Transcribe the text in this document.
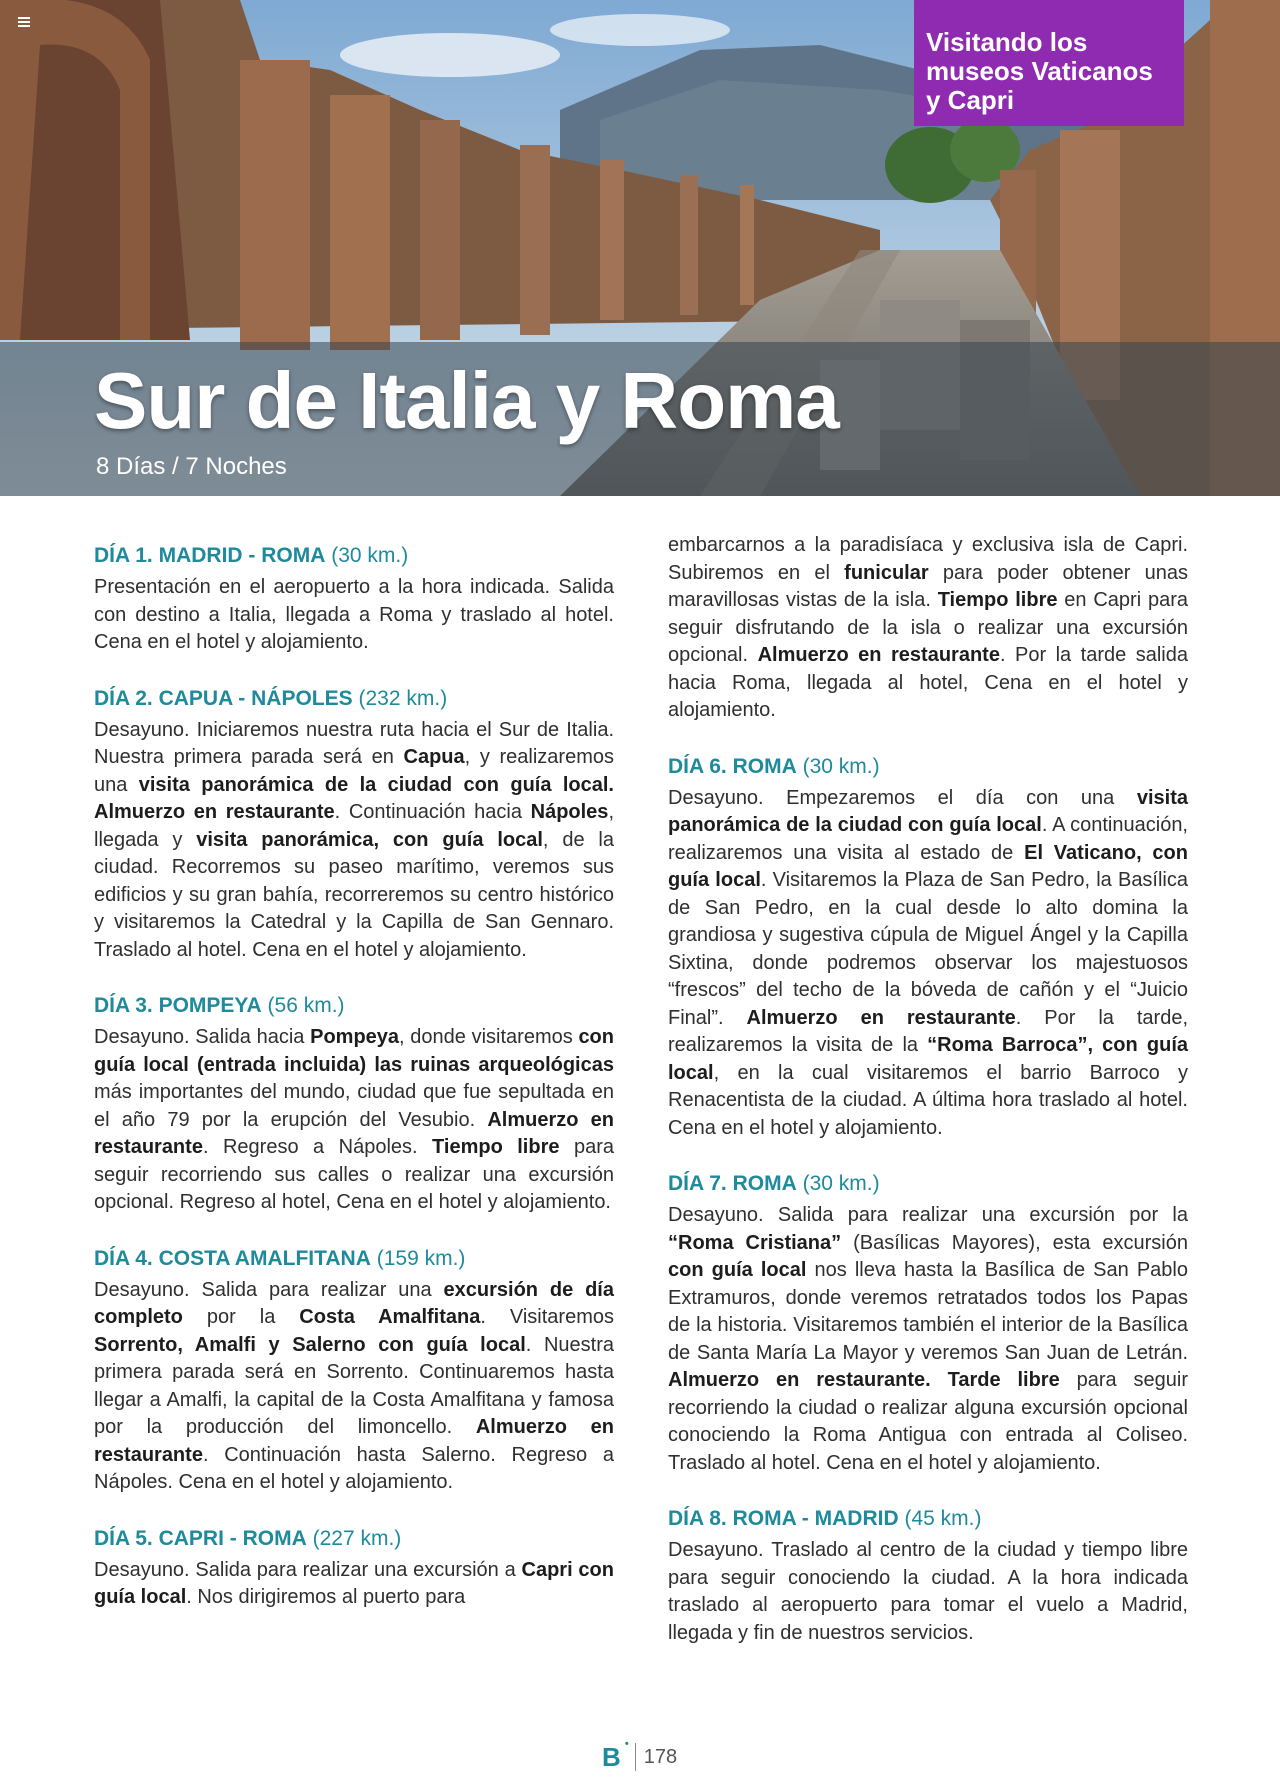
Visitando los
museos Vaticanos
y Capri
Sur de Italia y Roma
8 Días / 7 Noches
DÍA 1. MADRID - ROMA (30 km.)

Presentación en el aeropuerto a la hora indicada. Salida con destino a Italia, llegada a Roma y traslado al hotel. Cena en el hotel y alojamiento.

DÍA 2. CAPUA - NÁPOLES (232 km.)

Desayuno. Iniciaremos nuestra ruta hacia el Sur de Italia. Nuestra primera parada será en Capua, y realizaremos una visita panorámica de la ciudad con guía local. Almuerzo en restaurante. Continuación hacia Nápoles, llegada y visita panorámica, con guía local, de la ciudad. Recorremos su paseo marítimo, veremos sus edificios y su gran bahía, recorreremos su centro histórico y visitaremos la Catedral y la Capilla de San Gennaro. Traslado al hotel. Cena en el hotel y alojamiento.

DÍA 3. POMPEYA (56 km.)

Desayuno. Salida hacia Pompeya, donde visitaremos con guía local (entrada incluida) las ruinas arqueológicas más importantes del mundo, ciudad que fue sepultada en el año 79 por la erupción del Vesubio. Almuerzo en restaurante. Regreso a Nápoles. Tiempo libre para seguir recorriendo sus calles o realizar una excursión opcional. Regreso al hotel, Cena en el hotel y alojamiento.

DÍA 4. COSTA AMALFITANA (159 km.)

Desayuno. Salida para realizar una excursión de día completo por la Costa Amalfitana. Visitaremos Sorrento, Amalfi y Salerno con guía local. Nuestra primera parada será en Sorrento. Continuaremos hasta llegar a Amalfi, la capital de la Costa Amalfitana y famosa por la producción del limoncello. Almuerzo en restaurante. Continuación hasta Salerno. Regreso a Nápoles. Cena en el hotel y alojamiento.

DÍA 5. CAPRI - ROMA (227 km.)

Desayuno. Salida para realizar una excursión a Capri con guía local. Nos dirigiremos al puerto para

embarcarnos a la paradisíaca y exclusiva isla de Capri. Subiremos en el funicular para poder obtener unas maravillosas vistas de la isla. Tiempo libre en Capri para seguir disfrutando de la isla o realizar una excursión opcional. Almuerzo en restaurante. Por la tarde salida hacia Roma, llegada al hotel, Cena en el hotel y alojamiento.

DÍA 6. ROMA (30 km.)

Desayuno. Empezaremos el día con una visita panorámica de la ciudad con guía local. A continuación, realizaremos una visita al estado de El Vaticano, con guía local. Visitaremos la Plaza de San Pedro, la Basílica de San Pedro, en la cual desde lo alto domina la grandiosa y sugestiva cúpula de Miguel Ángel y la Capilla Sixtina, donde podremos observar los majestuosos “frescos” del techo de la bóveda de cañón y el “Juicio Final”. Almuerzo en restaurante. Por la tarde, realizaremos la visita de la “Roma Barroca”, con guía local, en la cual visitaremos el barrio Barroco y Renacentista de la ciudad. A última hora traslado al hotel. Cena en el hotel y alojamiento.

DÍA 7. ROMA (30 km.)

Desayuno. Salida para realizar una excursión por la “Roma Cristiana” (Basílicas Mayores), esta excursión con guía local nos lleva hasta la Basílica de San Pablo Extramuros, donde veremos retratados todos los Papas de la historia. Visitaremos también el interior de la Basílica de Santa María La Mayor y veremos San Juan de Letrán. Almuerzo en restaurante. Tarde libre para seguir recorriendo la ciudad o realizar alguna excursión opcional conociendo la Roma Antigua con entrada al Coliseo. Traslado al hotel. Cena en el hotel y alojamiento.

DÍA 8. ROMA - MADRID (45 km.)

Desayuno. Traslado al centro de la ciudad y tiempo libre para seguir conociendo la ciudad. A la hora indicada traslado al aeropuerto para tomar el vuelo a Madrid, llegada y fin de nuestros servicios.

B •
178
